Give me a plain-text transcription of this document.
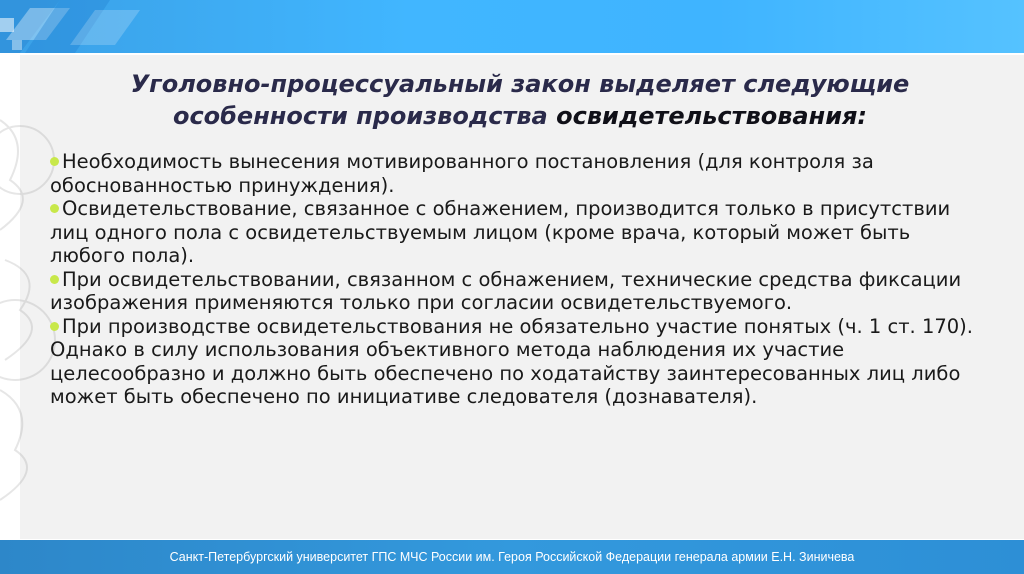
Уголовно-процессуальный закон выделяет следующие особенности производства освидетельствования:
Необходимость вынесения мотивированного постановления (для контроля за обоснованностью принуждения).
Освидетельствование, связанное с обнажением, производится только в присутствии лиц одного пола с освидетельствуемым лицом (кроме врача, который может быть любого пола).
При освидетельствовании, связанном с обнажением, технические средства фиксации изображения применяются только при согласии освидетельствуемого.
При производстве освидетельствования не обязательно участие понятых (ч. 1 ст. 170). Однако в силу использования объективного метода наблюдения их участие целесообразно и должно быть обеспечено по ходатайству заинтересованных лиц либо может быть обеспечено по инициативе следователя (дознавателя).
Санкт-Петербургский университет ГПС МЧС России им. Героя Российской Федерации генерала армии Е.Н. Зиничева
